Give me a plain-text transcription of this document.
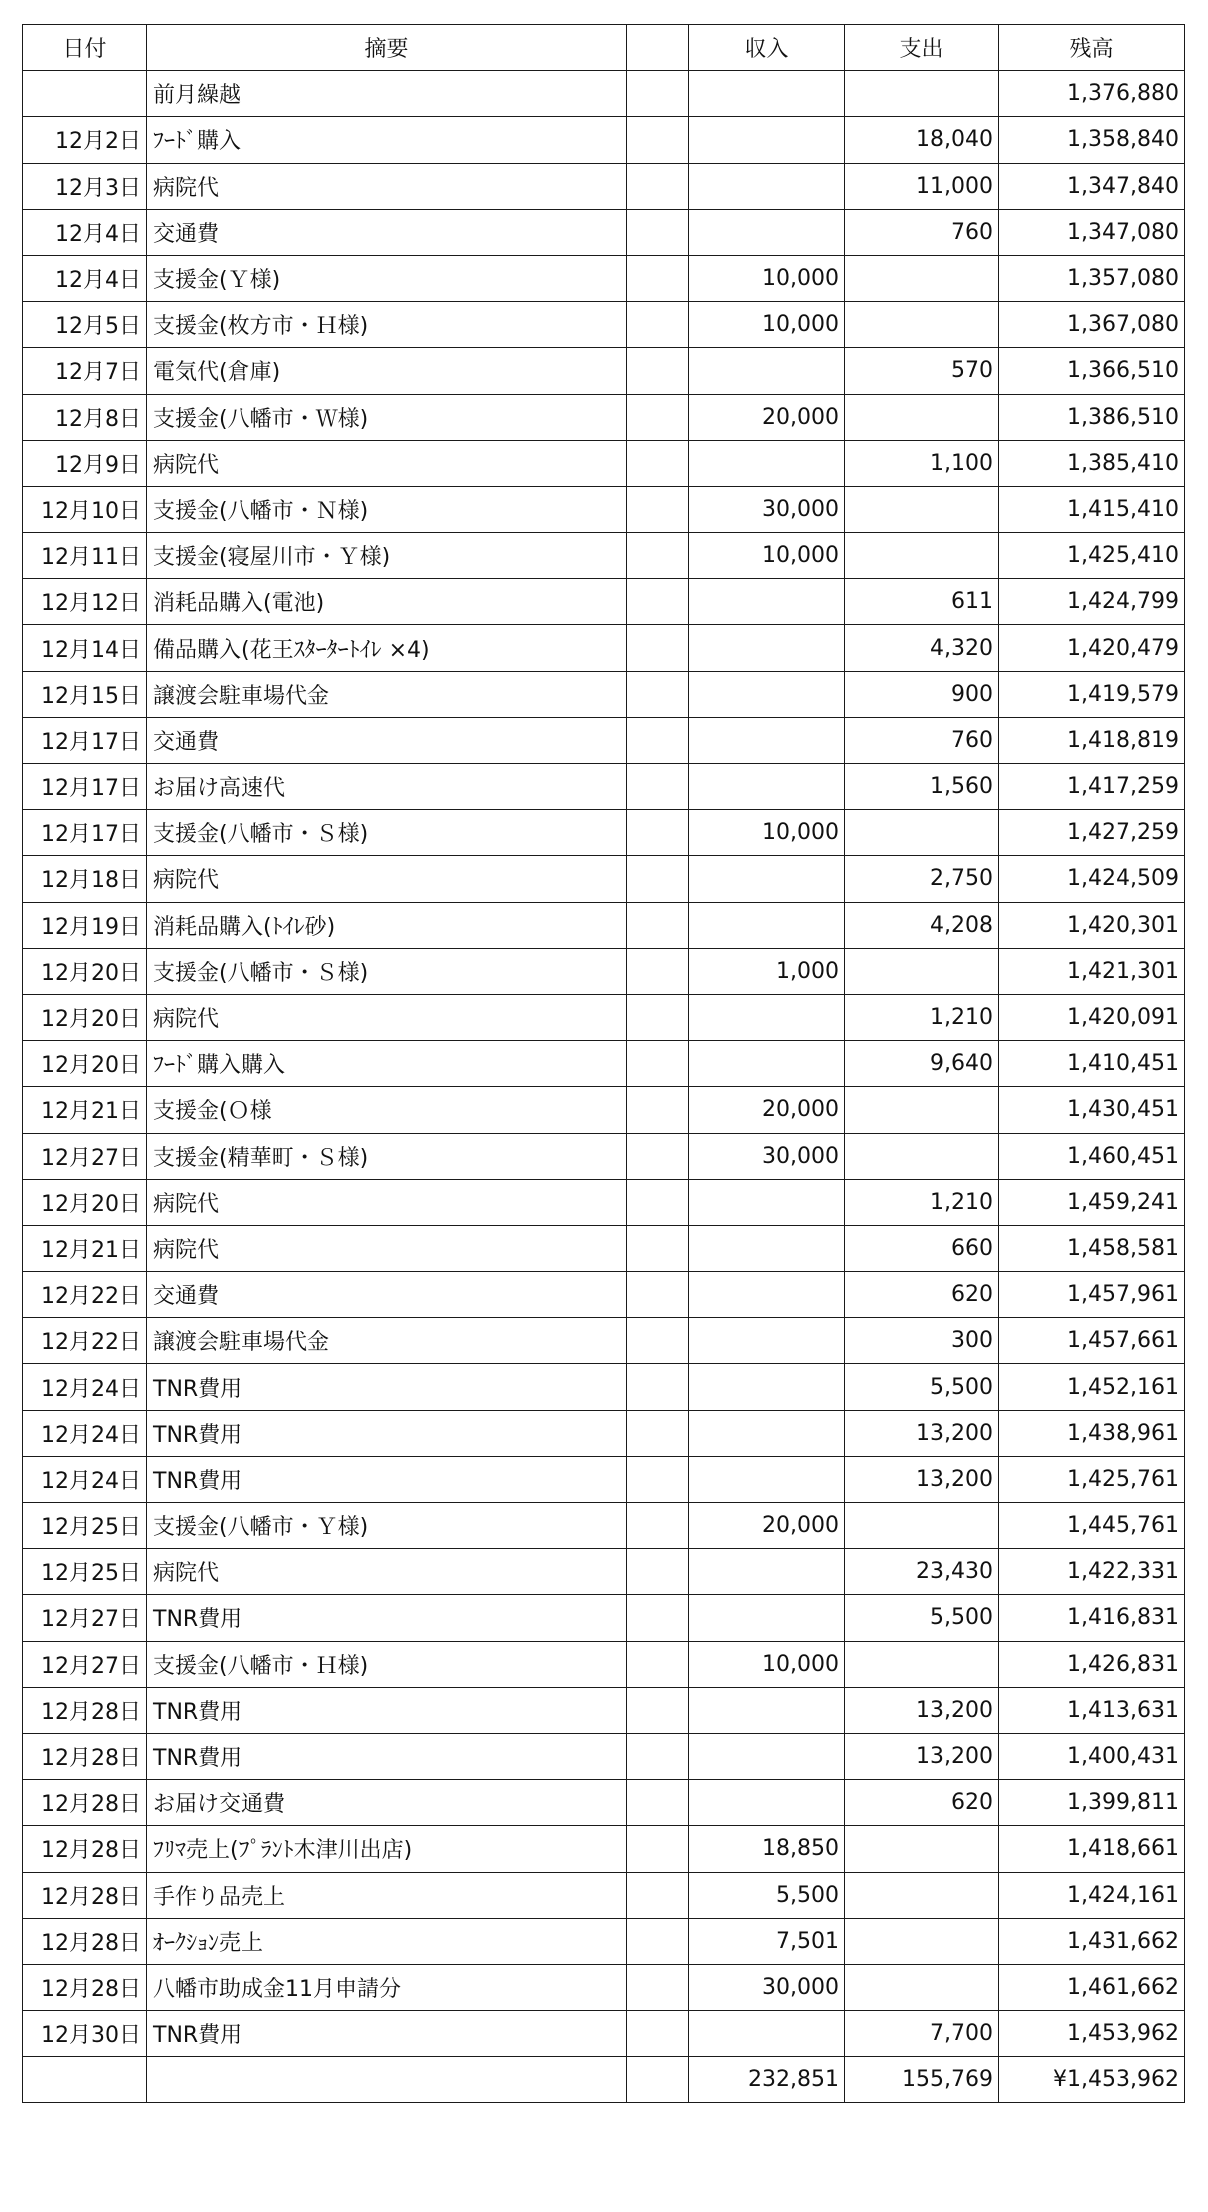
日付	摘要		収入	支出	残高
	前月繰越				1,376,880
12月2日	ﾌｰﾄﾞ購入			18,040	1,358,840
12月3日	病院代			11,000	1,347,840
12月4日	交通費			760	1,347,080
12月4日	支援金(Ｙ様)		10,000		1,357,080
12月5日	支援金(枚方市・Ｈ様)		10,000		1,367,080
12月7日	電気代(倉庫)			570	1,366,510
12月8日	支援金(八幡市・Ｗ様)		20,000		1,386,510
12月9日	病院代			1,100	1,385,410
12月10日	支援金(八幡市・Ｎ様)		30,000		1,415,410
12月11日	支援金(寝屋川市・Ｙ様)		10,000		1,425,410
12月12日	消耗品購入(電池)			611	1,424,799
12月14日	備品購入(花王ｽﾀｰﾀｰﾄｲﾚ ×4)			4,320	1,420,479
12月15日	譲渡会駐車場代金			900	1,419,579
12月17日	交通費			760	1,418,819
12月17日	お届け高速代			1,560	1,417,259
12月17日	支援金(八幡市・Ｓ様)		10,000		1,427,259
12月18日	病院代			2,750	1,424,509
12月19日	消耗品購入(ﾄｲﾚ砂)			4,208	1,420,301
12月20日	支援金(八幡市・Ｓ様)		1,000		1,421,301
12月20日	病院代			1,210	1,420,091
12月20日	ﾌｰﾄﾞ購入購入			9,640	1,410,451
12月21日	支援金(Ｏ様		20,000		1,430,451
12月27日	支援金(精華町・Ｓ様)		30,000		1,460,451
12月20日	病院代			1,210	1,459,241
12月21日	病院代			660	1,458,581
12月22日	交通費			620	1,457,961
12月22日	譲渡会駐車場代金			300	1,457,661
12月24日	TNR費用			5,500	1,452,161
12月24日	TNR費用			13,200	1,438,961
12月24日	TNR費用			13,200	1,425,761
12月25日	支援金(八幡市・Ｙ様)		20,000		1,445,761
12月25日	病院代			23,430	1,422,331
12月27日	TNR費用			5,500	1,416,831
12月27日	支援金(八幡市・Ｈ様)		10,000		1,426,831
12月28日	TNR費用			13,200	1,413,631
12月28日	TNR費用			13,200	1,400,431
12月28日	お届け交通費			620	1,399,811
12月28日	ﾌﾘﾏ売上(ﾌﾟﾗﾝﾄ木津川出店)		18,850		1,418,661
12月28日	手作り品売上		5,500		1,424,161
12月28日	ｵｰｸｼｮﾝ売上		7,501		1,431,662
12月28日	八幡市助成金11月申請分		30,000		1,461,662
12月30日	TNR費用			7,700	1,453,962
			232,851	155,769	¥1,453,962
